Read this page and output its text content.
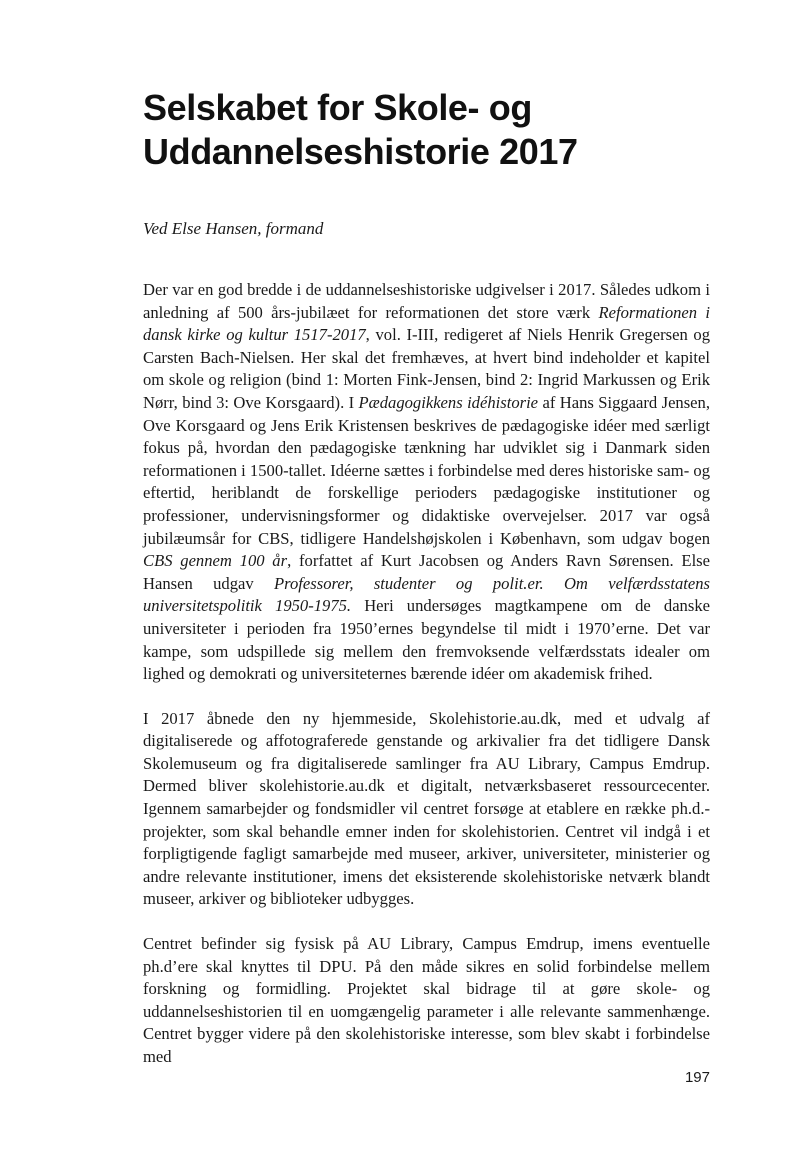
Selskabet for Skole- og
Uddannelseshistorie 2017

Ved Else Hansen, formand

Der var en god bredde i de uddannelseshistoriske udgivelser i 2017. Således udkom i anledning af 500 års-jubilæet for reformationen det store værk Reformationen i dansk kirke og kultur 1517-2017, vol. I-III, redigeret af Niels Henrik Gregersen og Carsten Bach-Nielsen. Her skal det fremhæves, at hvert bind indeholder et kapitel om skole og religion (bind 1: Morten Fink-Jensen, bind 2: Ingrid Markussen og Erik Nørr, bind 3: Ove Korsgaard). I Pædagogikkens idéhistorie af Hans Siggaard Jensen, Ove Korsgaard og Jens Erik Kristensen beskrives de pædagogiske idéer med særligt fokus på, hvordan den pædagogiske tænkning har udviklet sig i Danmark siden reformationen i 1500-tallet. Idéerne sættes i forbindelse med deres historiske sam- og eftertid, heriblandt de forskellige perioders pædagogiske institutioner og professioner, undervisningsformer og didaktiske overvejelser. 2017 var også jubilæumsår for CBS, tidligere Handelshøjskolen i København, som udgav bogen CBS gennem 100 år, forfattet af Kurt Jacobsen og Anders Ravn Sørensen. Else Hansen udgav Professorer, studenter og polit.er. Om velfærdsstatens universitetspolitik 1950-1975. Heri undersøges magtkampene om de danske universiteter i perioden fra 1950’ernes begyndelse til midt i 1970’erne. Det var kampe, som udspillede sig mellem den fremvoksende velfærdsstats idealer om lighed og demokrati og universiteternes bærende idéer om akademisk frihed.

I 2017 åbnede den ny hjemmeside, Skolehistorie.au.dk, med et udvalg af digitaliserede og affotograferede genstande og arkivalier fra det tidligere Dansk Skolemuseum og fra digitaliserede samlinger fra AU Library, Campus Emdrup. Dermed bliver skolehistorie.au.dk et digitalt, netværksbaseret ressourcecenter. Igennem samarbejder og fondsmidler vil centret forsøge at etablere en række ph.d.-projekter, som skal behandle emner inden for skolehistorien. Centret vil indgå i et forpligtigende fagligt samarbejde med museer, arkiver, universiteter, ministerier og andre relevante institutioner, imens det eksisterende skolehistoriske netværk blandt museer, arkiver og biblioteker udbygges.

Centret befinder sig fysisk på AU Library, Campus Emdrup, imens eventuelle ph.d’ere skal knyttes til DPU. På den måde sikres en solid forbindelse mellem forskning og formidling. Projektet skal bidrage til at gøre skole- og uddannelseshistorien til en uomgængelig parameter i alle relevante sammenhænge. Centret bygger videre på den skolehistoriske interesse, som blev skabt i forbindelse med

197
